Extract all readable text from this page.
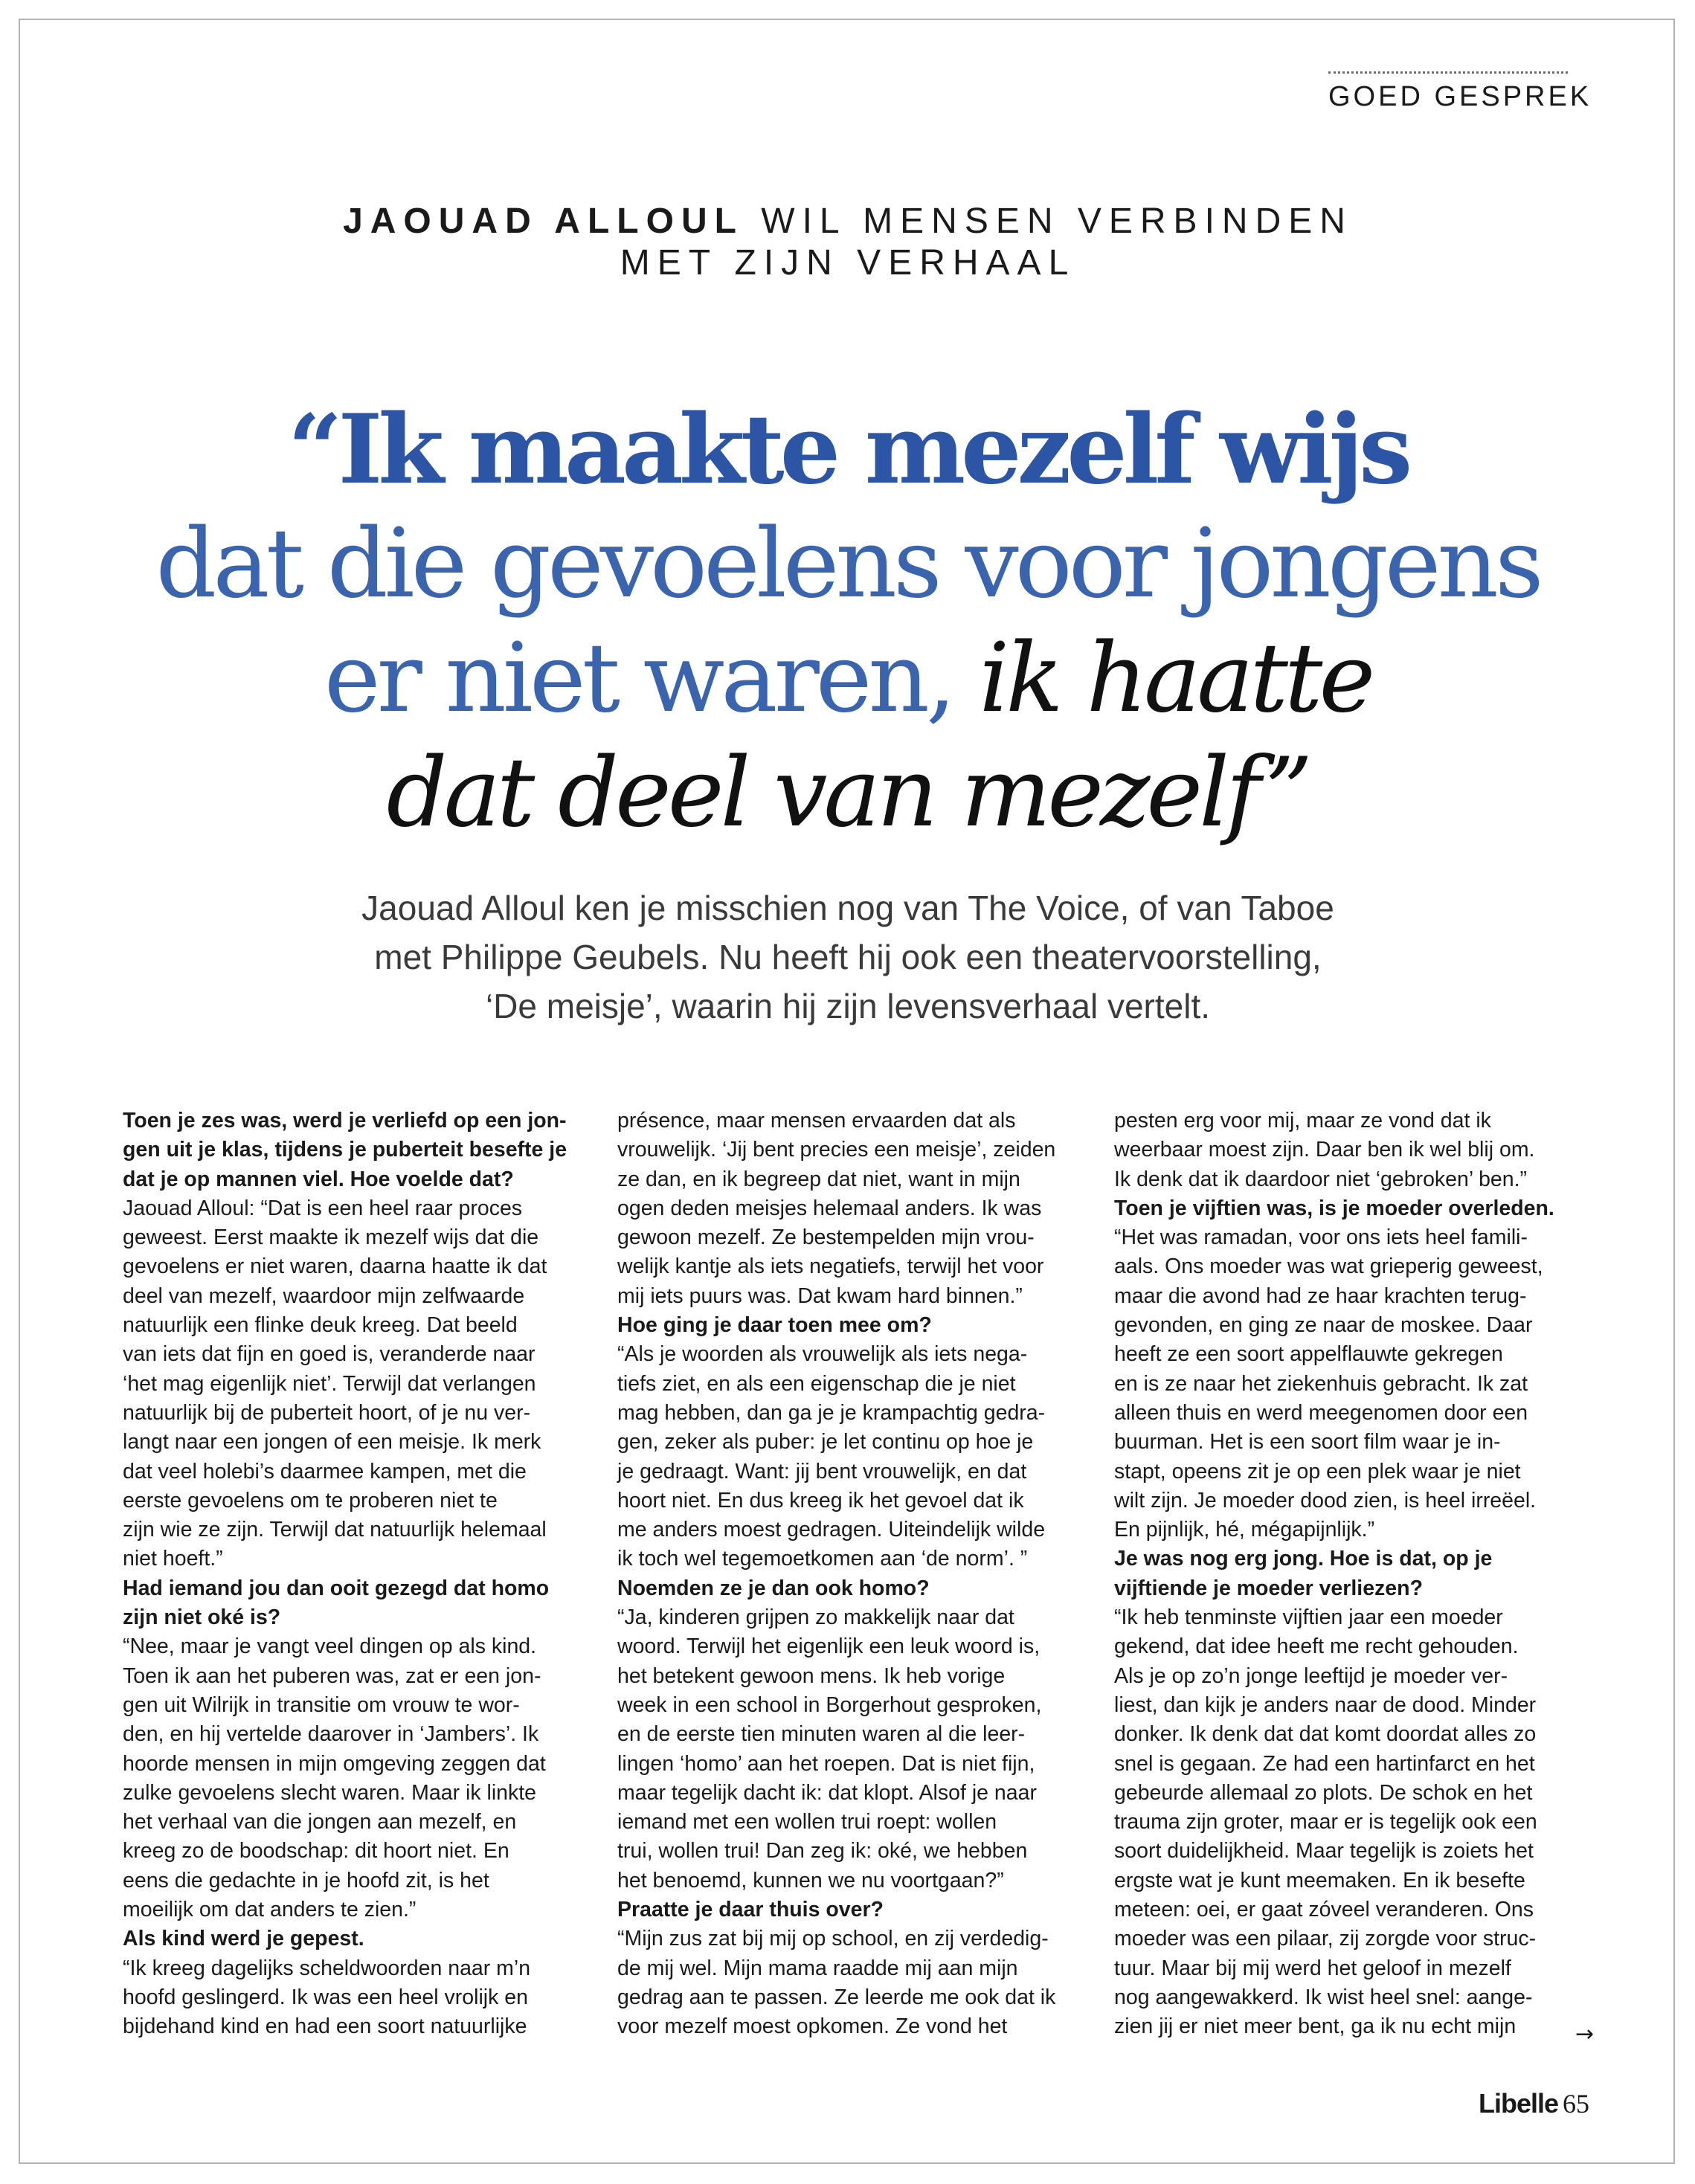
GOED GESPREK
JAOUAD ALLOUL WIL MENSEN VERBINDEN
MET ZIJN VERHAAL
“Ik maakte mezelf wijs
dat die gevoelens voor jongens
er niet waren, ik haatte
dat deel van mezelf”
Jaouad Alloul ken je misschien nog van The Voice, of van Taboe
met Philippe Geubels. Nu heeft hij ook een theatervoorstelling,
‘De meisje’, waarin hij zijn levensverhaal vertelt.
Toen je zes was, werd je verliefd op een jon-
gen uit je klas, tijdens je puberteit besefte je
dat je op mannen viel. Hoe voelde dat?
Jaouad Alloul: “Dat is een heel raar proces
geweest. Eerst maakte ik mezelf wijs dat die
gevoelens er niet waren, daarna haatte ik dat
deel van mezelf, waardoor mijn zelfwaarde
natuurlijk een flinke deuk kreeg. Dat beeld
van iets dat fijn en goed is, veranderde naar
‘het mag eigenlijk niet’. Terwijl dat verlangen
natuurlijk bij de puberteit hoort, of je nu ver-
langt naar een jongen of een meisje. Ik merk
dat veel holebi’s daarmee kampen, met die
eerste gevoelens om te proberen niet te
zijn wie ze zijn. Terwijl dat natuurlijk helemaal
niet hoeft.”
Had iemand jou dan ooit gezegd dat homo
zijn niet oké is?
“Nee, maar je vangt veel dingen op als kind.
Toen ik aan het puberen was, zat er een jon-
gen uit Wilrijk in transitie om vrouw te wor-
den, en hij vertelde daarover in ‘Jambers’. Ik
hoorde mensen in mijn omgeving zeggen dat
zulke gevoelens slecht waren. Maar ik linkte
het verhaal van die jongen aan mezelf, en
kreeg zo de boodschap: dit hoort niet. En
eens die gedachte in je hoofd zit, is het
moeilijk om dat anders te zien.”
Als kind werd je gepest.
“Ik kreeg dagelijks scheldwoorden naar m’n
hoofd geslingerd. Ik was een heel vrolijk en
bijdehand kind en had een soort natuurlijke
présence, maar mensen ervaarden dat als
vrouwelijk. ‘Jij bent precies een meisje’, zeiden
ze dan, en ik begreep dat niet, want in mijn
ogen deden meisjes helemaal anders. Ik was
gewoon mezelf. Ze bestempelden mijn vrou-
welijk kantje als iets negatiefs, terwijl het voor
mij iets puurs was. Dat kwam hard binnen.”
Hoe ging je daar toen mee om?
“Als je woorden als vrouwelijk als iets nega-
tiefs ziet, en als een eigenschap die je niet
mag hebben, dan ga je je krampachtig gedra-
gen, zeker als puber: je let continu op hoe je
je gedraagt. Want: jij bent vrouwelijk, en dat
hoort niet. En dus kreeg ik het gevoel dat ik
me anders moest gedragen. Uiteindelijk wilde
ik toch wel tegemoetkomen aan ‘de norm’. ”
Noemden ze je dan ook homo?
“Ja, kinderen grijpen zo makkelijk naar dat
woord. Terwijl het eigenlijk een leuk woord is,
het betekent gewoon mens. Ik heb vorige
week in een school in Borgerhout gesproken,
en de eerste tien minuten waren al die leer-
lingen ‘homo’ aan het roepen. Dat is niet fijn,
maar tegelijk dacht ik: dat klopt. Alsof je naar
iemand met een wollen trui roept: wollen
trui, wollen trui! Dan zeg ik: oké, we hebben
het benoemd, kunnen we nu voortgaan?”
Praatte je daar thuis over?
“Mijn zus zat bij mij op school, en zij verdedig-
de mij wel. Mijn mama raadde mij aan mijn
gedrag aan te passen. Ze leerde me ook dat ik
voor mezelf moest opkomen. Ze vond het
pesten erg voor mij, maar ze vond dat ik
weerbaar moest zijn. Daar ben ik wel blij om.
Ik denk dat ik daardoor niet ‘gebroken’ ben.”
Toen je vijftien was, is je moeder overleden.
“Het was ramadan, voor ons iets heel famili-
aals. Ons moeder was wat grieperig geweest,
maar die avond had ze haar krachten terug-
gevonden, en ging ze naar de moskee. Daar
heeft ze een soort appelflauwte gekregen
en is ze naar het ziekenhuis gebracht. Ik zat
alleen thuis en werd meegenomen door een
buurman. Het is een soort film waar je in-
stapt, opeens zit je op een plek waar je niet
wilt zijn. Je moeder dood zien, is heel irreëel.
En pijnlijk, hé, mégapijnlijk.”
Je was nog erg jong. Hoe is dat, op je
vijftiende je moeder verliezen?
“Ik heb tenminste vijftien jaar een moeder
gekend, dat idee heeft me recht gehouden.
Als je op zo’n jonge leeftijd je moeder ver-
liest, dan kijk je anders naar de dood. Minder
donker. Ik denk dat dat komt doordat alles zo
snel is gegaan. Ze had een hartinfarct en het
gebeurde allemaal zo plots. De schok en het
trauma zijn groter, maar er is tegelijk ook een
soort duidelijkheid. Maar tegelijk is zoiets het
ergste wat je kunt meemaken. En ik besefte
meteen: oei, er gaat zóveel veranderen. Ons
moeder was een pilaar, zij zorgde voor struc-
tuur. Maar bij mij werd het geloof in mezelf
nog aangewakkerd. Ik wist heel snel: aange-
zien jij er niet meer bent, ga ik nu echt mijn	→
Libelle 65
